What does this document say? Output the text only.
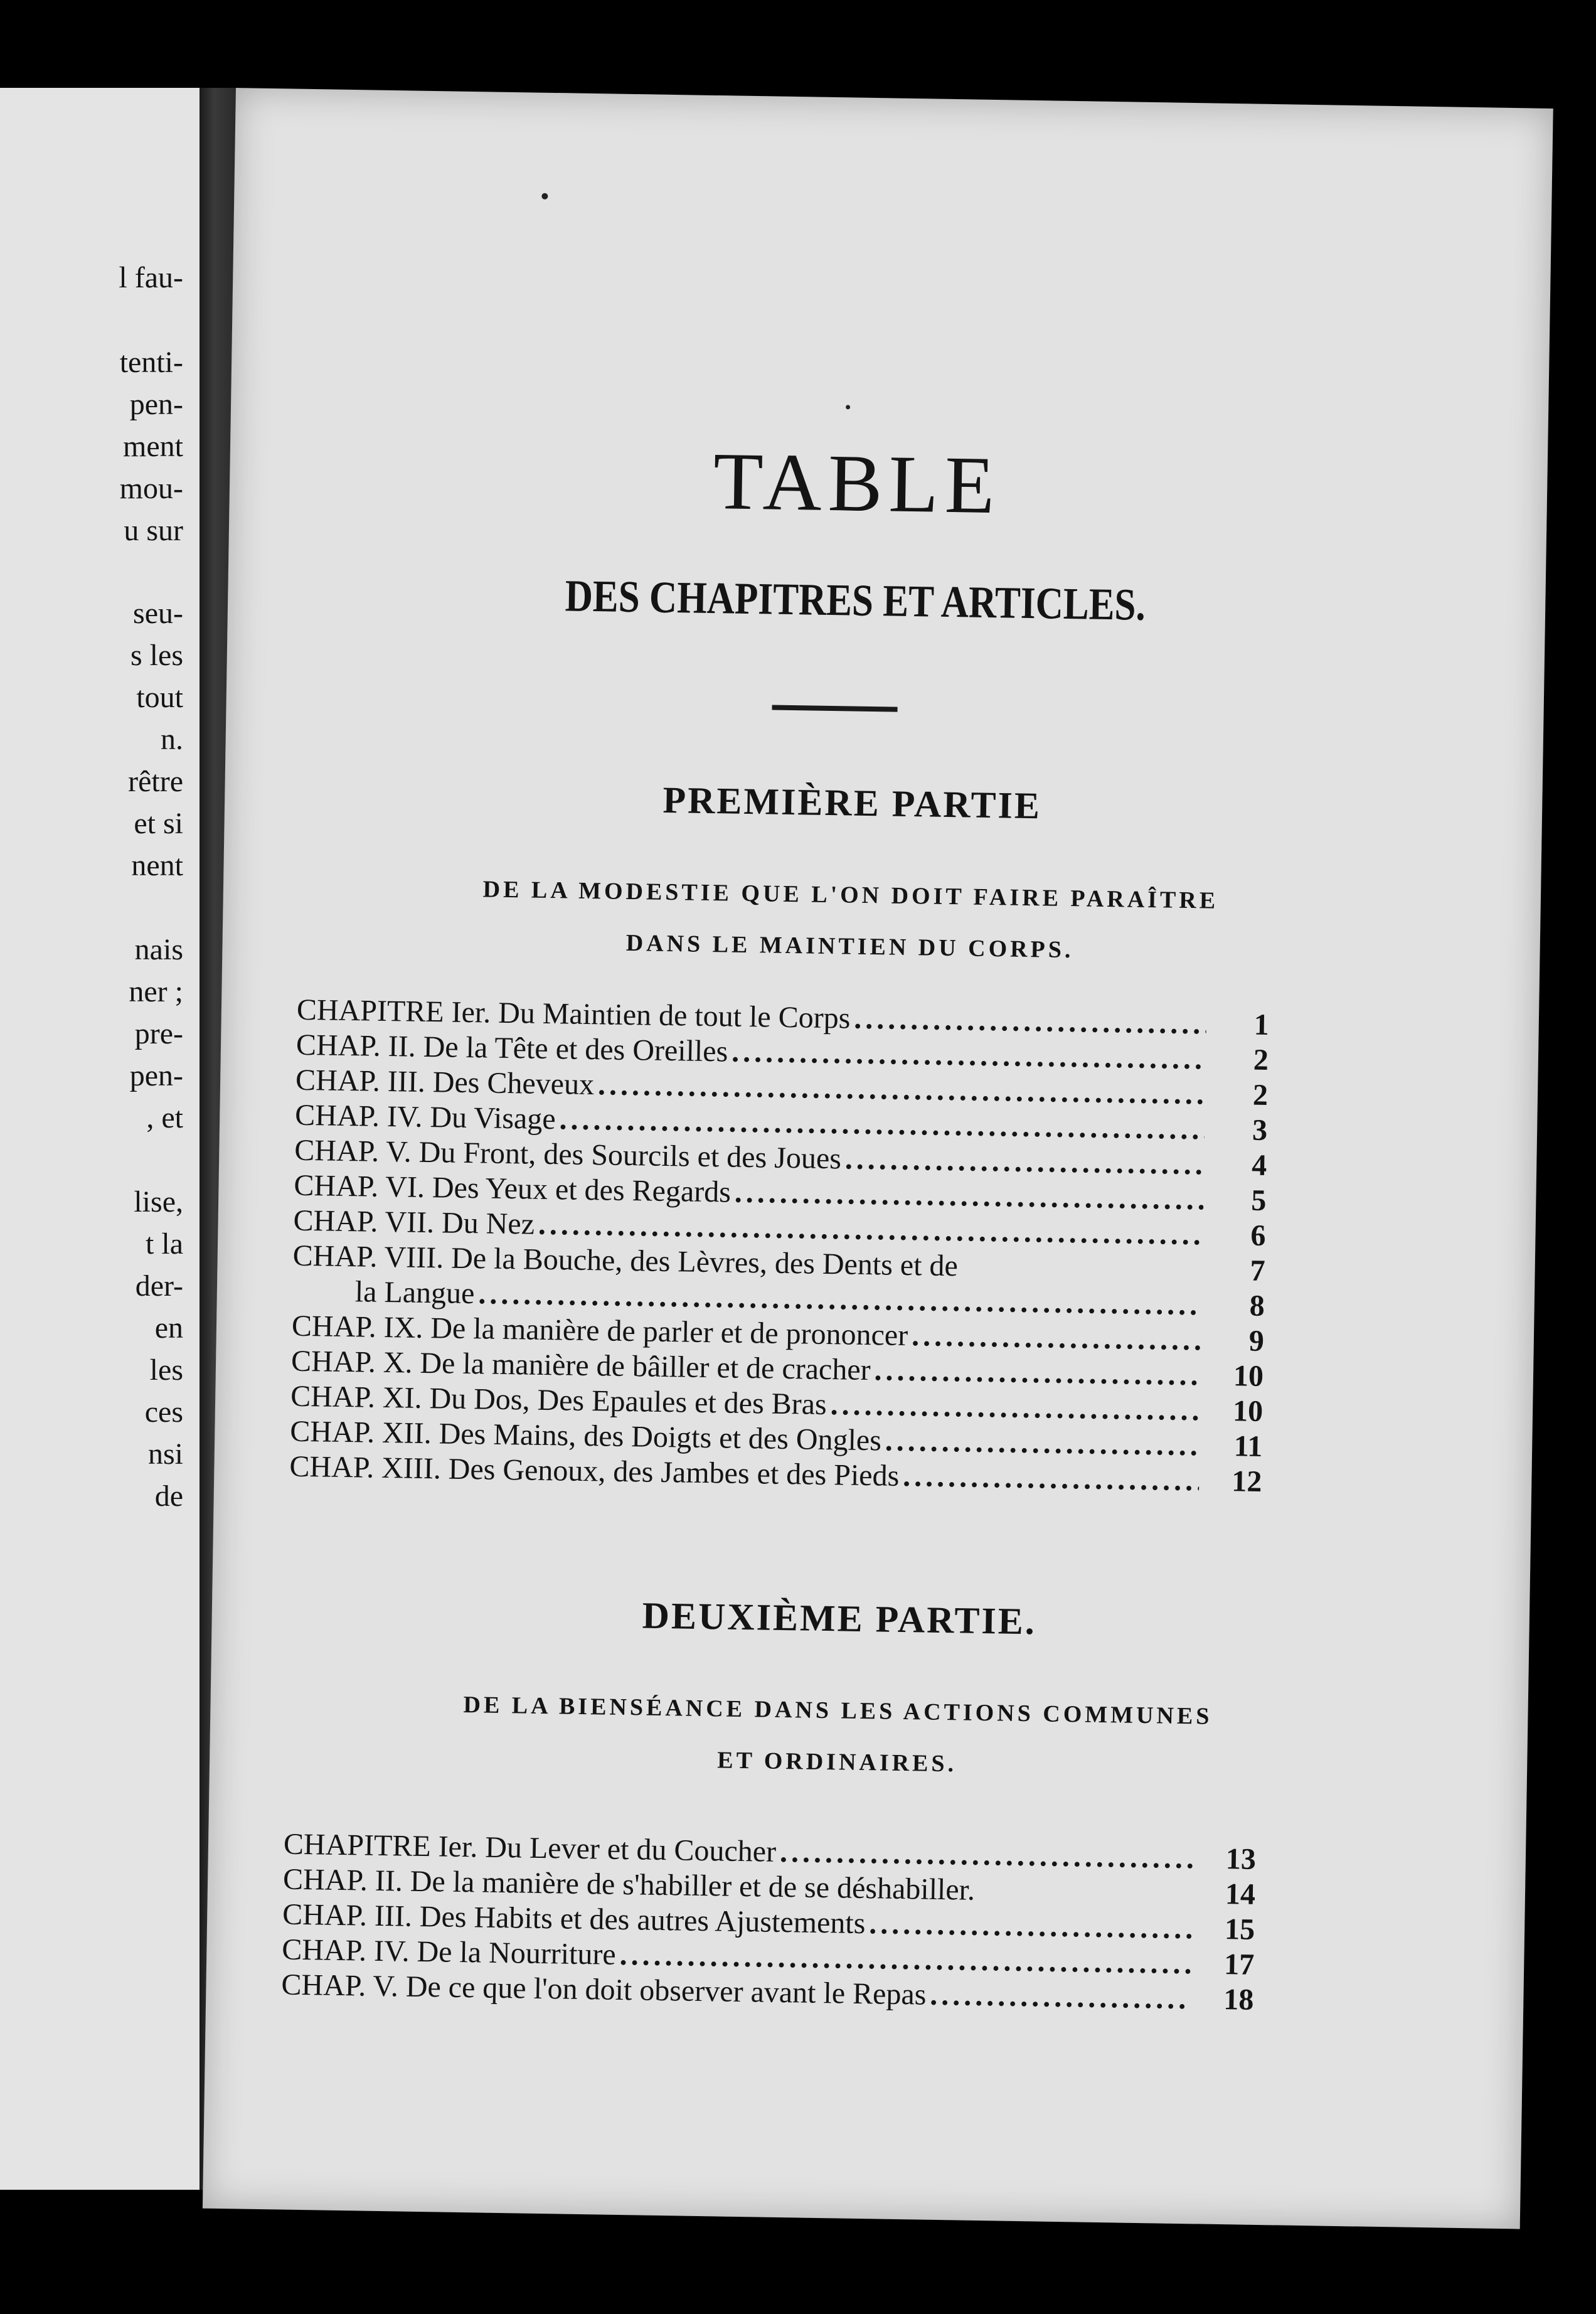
l fau-
tenti-
pen-
ment
mou-
u sur
seu-
s les
tout
n.
rêtre
et si
nent
nais
ner ;
pre-
pen-
, et
lise,
t la
der-
en
les
ces
nsi
de
TABLE
DES CHAPITRES ET ARTICLES.
PREMIÈRE PARTIE
DE LA MODESTIE QUE L'ON DOIT FAIRE PARAÎTRE
DANS LE MAINTIEN DU CORPS.
CHAPITRE Ier. Du Maintien de tout le Corps .....	1
CHAP. II. De la Tête et des Oreilles .....	2
CHAP. III. Des Cheveux .....	2
CHAP. IV. Du Visage .....	3
CHAP. V. Du Front, des Sourcils et des Joues .....	4
CHAP. VI. Des Yeux et des Regards .....	5
CHAP. VII. Du Nez .....	6
CHAP. VIII. De la Bouche, des Lèvres, des Dents et de	7
la Langue .....	8
CHAP. IX. De la manière de parler et de prononcer .....	9
CHAP. X. De la manière de bâiller et de cracher .....	10
CHAP. XI. Du Dos, Des Epaules et des Bras .....	10
CHAP. XII. Des Mains, des Doigts et des Ongles .....	11
CHAP. XIII. Des Genoux, des Jambes et des Pieds .....	12
DEUXIÈME PARTIE.
DE LA BIENSÉANCE DANS LES ACTIONS COMMUNES
ET ORDINAIRES.
CHAPITRE Ier. Du Lever et du Coucher .....	13
CHAP. II. De la manière de s'habiller et de se déshabiller.	14
CHAP. III. Des Habits et des autres Ajustements .....	15
CHAP. IV. De la Nourriture .....	17
CHAP. V. De ce que l'on doit observer avant le Repas .....	18
